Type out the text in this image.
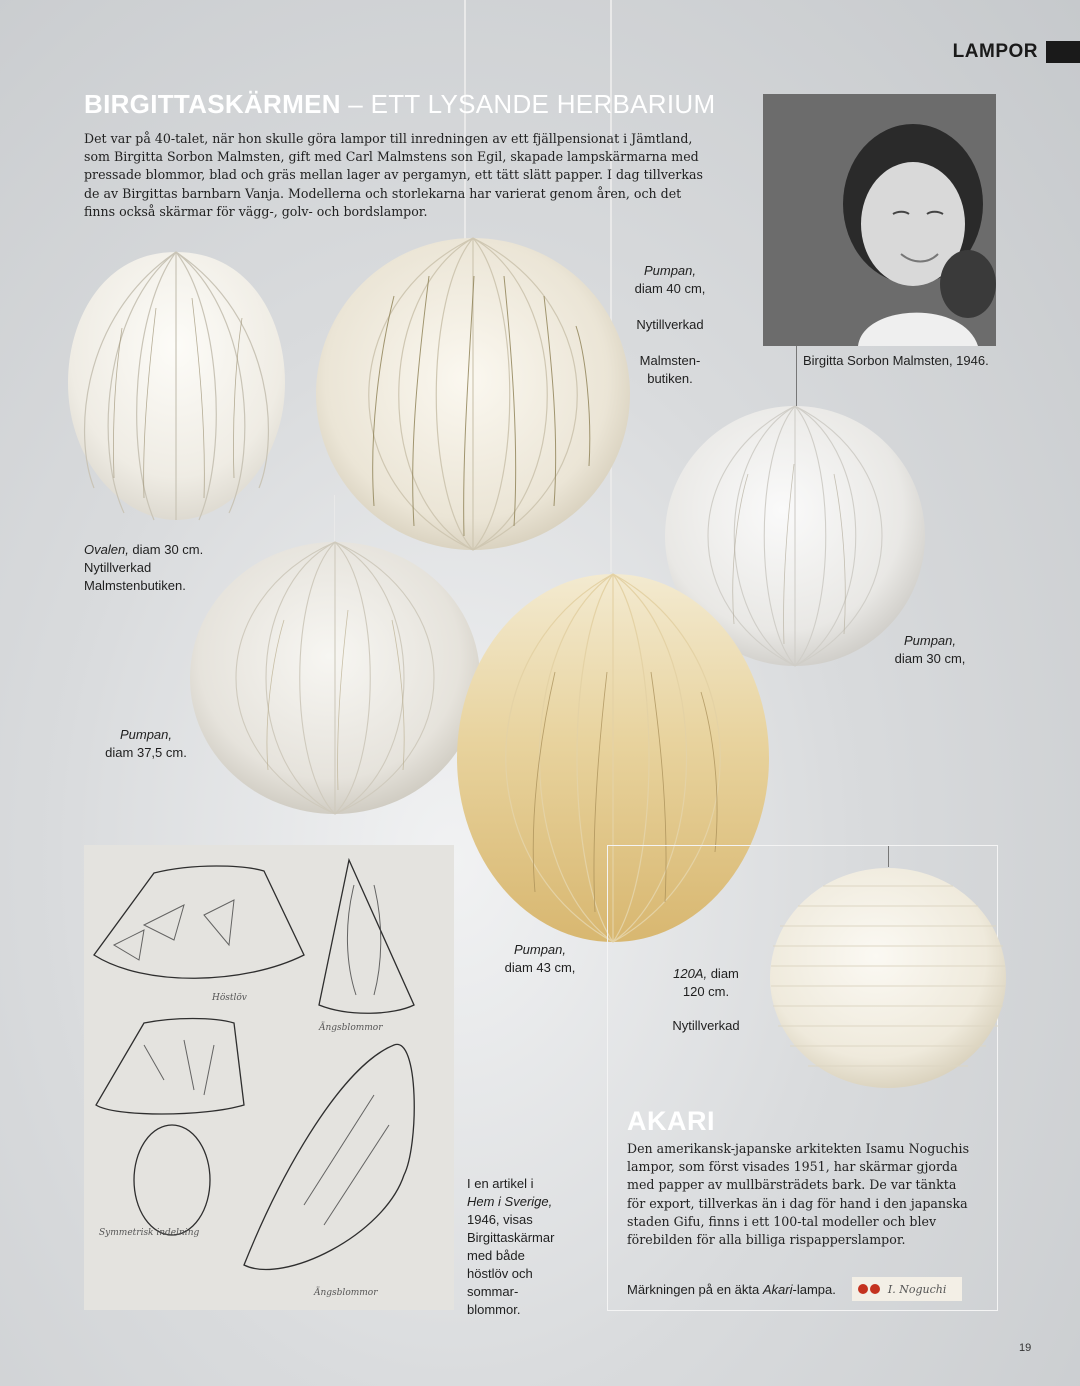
LAMPOR
BIRGITTASKÄRMEN – ETT LYSANDE HERBARIUM

Det var på 40-talet, när hon skulle göra lampor till inredningen av ett fjällpensionat i Jämtland,
som Birgitta Sorbon Malmsten, gift med Carl Malmstens son Egil, skapade lampskärmarna med
pressade blommor, blad och gräs mellan lager av pergamyn, ett tätt slätt papper. I dag tillverkas
de av Birgittas barnbarn Vanja. Modellerna och storlekarna har varierat genom åren, och det
finns också skärmar för vägg-, golv- och bordslampor.

Höstlöv
Ängsblommor
Symmetrisk indelning
Ängsblommor
Pumpan,
diam 40 cm,
Nytillverkad
Malmsten-
butiken.
Birgitta Sorbon Malmsten, 1946.
Ovalen, diam 30 cm.
Nytillverkad
Malmstenbutiken.
Pumpan,
diam 30 cm,
Pumpan,
diam 37,5 cm.
Pumpan,
diam 43 cm,	120A, diam
120 cm.
Nytillverkad
I en artikel i
Hem i Sverige,
1946, visas
Birgittaskärmar
med både
höstlöv och
sommar-
blommor.
AKARI

Den amerikansk-japanske arkitekten Isamu Noguchis
lampor, som först visades 1951, har skärmar gjorda
med papper av mullbärsträdets bark. De var tänkta
för export, tillverkas än i dag för hand i den japanska
staden Gifu, finns i ett 100-tal modeller och blev
förebilden för alla billiga rispapperslampor.

Märkningen på en äkta Akari-lampa.	I. Noguchi
19
